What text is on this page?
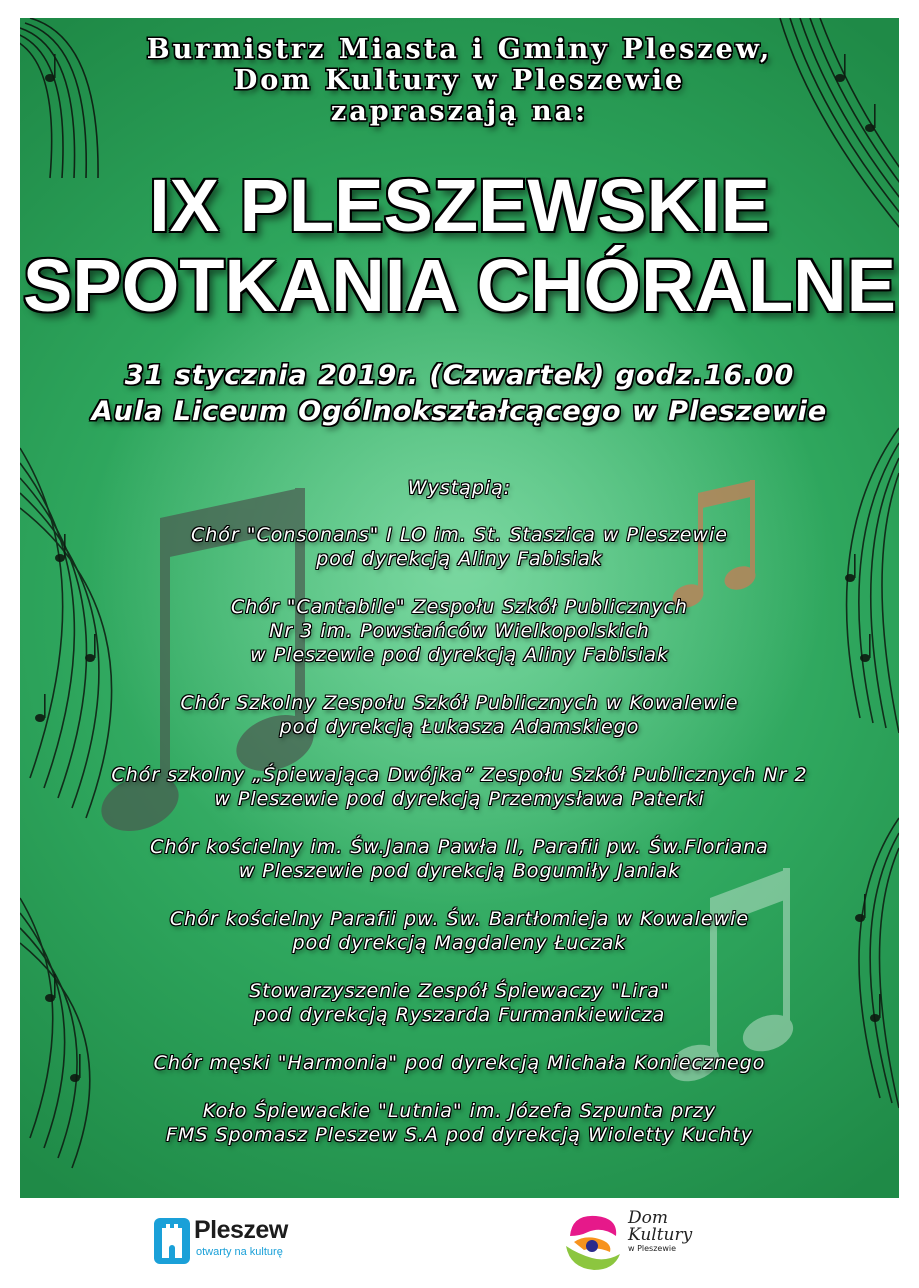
Burmistrz Miasta i Gminy Pleszew,
Dom Kultury w Pleszewie
zapraszają na:
IX PLESZEWSKIE
SPOTKANIA CHÓRALNE
31 stycznia 2019r. (Czwartek) godz.16.00
Aula Liceum Ogólnokształcącego w Pleszewie
Wystąpią:
Chór "Consonans" I LO im. St. Staszica w Pleszewie
pod dyrekcją Aliny Fabisiak
Chór "Cantabile" Zespołu Szkół Publicznych
Nr 3 im. Powstańców Wielkopolskich
w Pleszewie pod dyrekcją Aliny Fabisiak
Chór Szkolny Zespołu Szkół Publicznych w Kowalewie
pod dyrekcją Łukasza Adamskiego
Chór szkolny „Śpiewająca Dwójka” Zespołu Szkół Publicznych Nr 2
w Pleszewie pod dyrekcją Przemysława Paterki
Chór kościelny im. Św.Jana Pawła II, Parafii pw. Św.Floriana
w Pleszewie pod dyrekcją Bogumiły Janiak
Chór kościelny Parafii pw. Św. Bartłomieja w Kowalewie
pod dyrekcją Magdaleny Łuczak
Stowarzyszenie Zespół Śpiewaczy "Lira"
pod dyrekcją Ryszarda Furmankiewicza
Chór męski "Harmonia" pod dyrekcją Michała Koniecznego
Koło Śpiewackie "Lutnia" im. Józefa Szpunta przy
FMS Spomasz Pleszew S.A pod dyrekcją Wioletty Kuchty
Pleszew
otwarty na kulturę
Dom
Kultury
w Pleszewie
